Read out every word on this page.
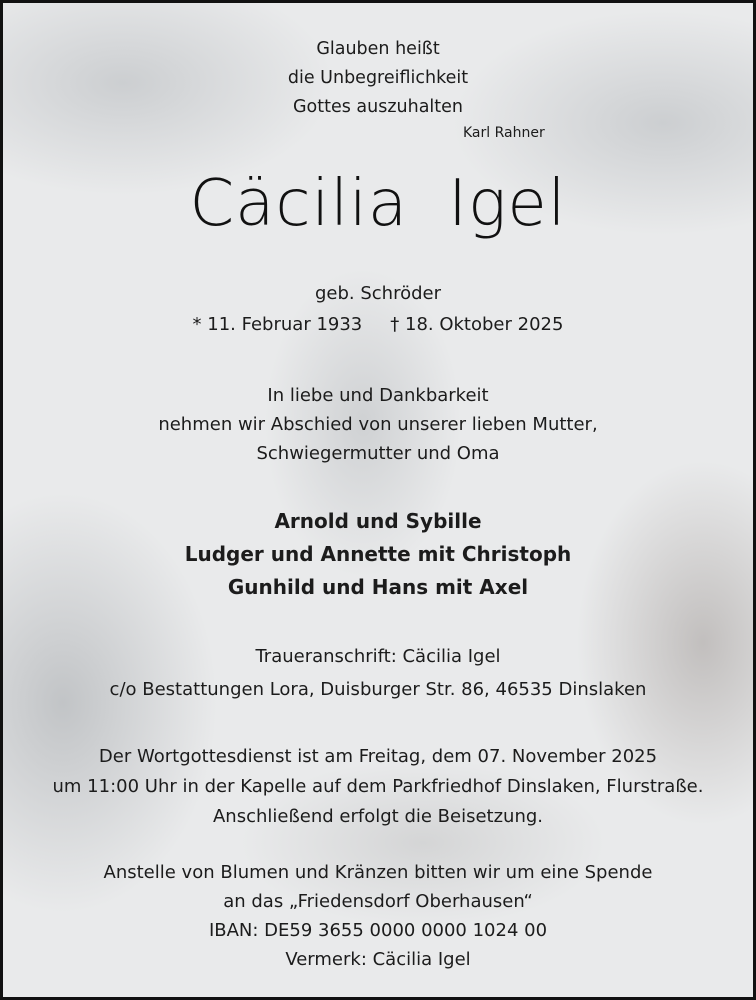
Glauben heißt
die Unbegreiflichkeit
Gottes auszuhalten
Karl Rahner
Cäcilia Igel
geb. Schröder
* 11. Februar 1933 † 18. Oktober 2025
In liebe und Dankbarkeit
nehmen wir Abschied von unserer lieben Mutter,
Schwiegermutter und Oma
Arnold und Sybille
Ludger und Annette mit Christoph
Gunhild und Hans mit Axel
Traueranschrift: Cäcilia Igel
c/o Bestattungen Lora, Duisburger Str. 86, 46535 Dinslaken
Der Wortgottesdienst ist am Freitag, dem 07. November 2025
um 11:00 Uhr in der Kapelle auf dem Parkfriedhof Dinslaken, Flurstraße.
Anschließend erfolgt die Beisetzung.
Anstelle von Blumen und Kränzen bitten wir um eine Spende
an das „Friedensdorf Oberhausen“
IBAN: DE59 3655 0000 0000 1024 00
Vermerk: Cäcilia Igel
